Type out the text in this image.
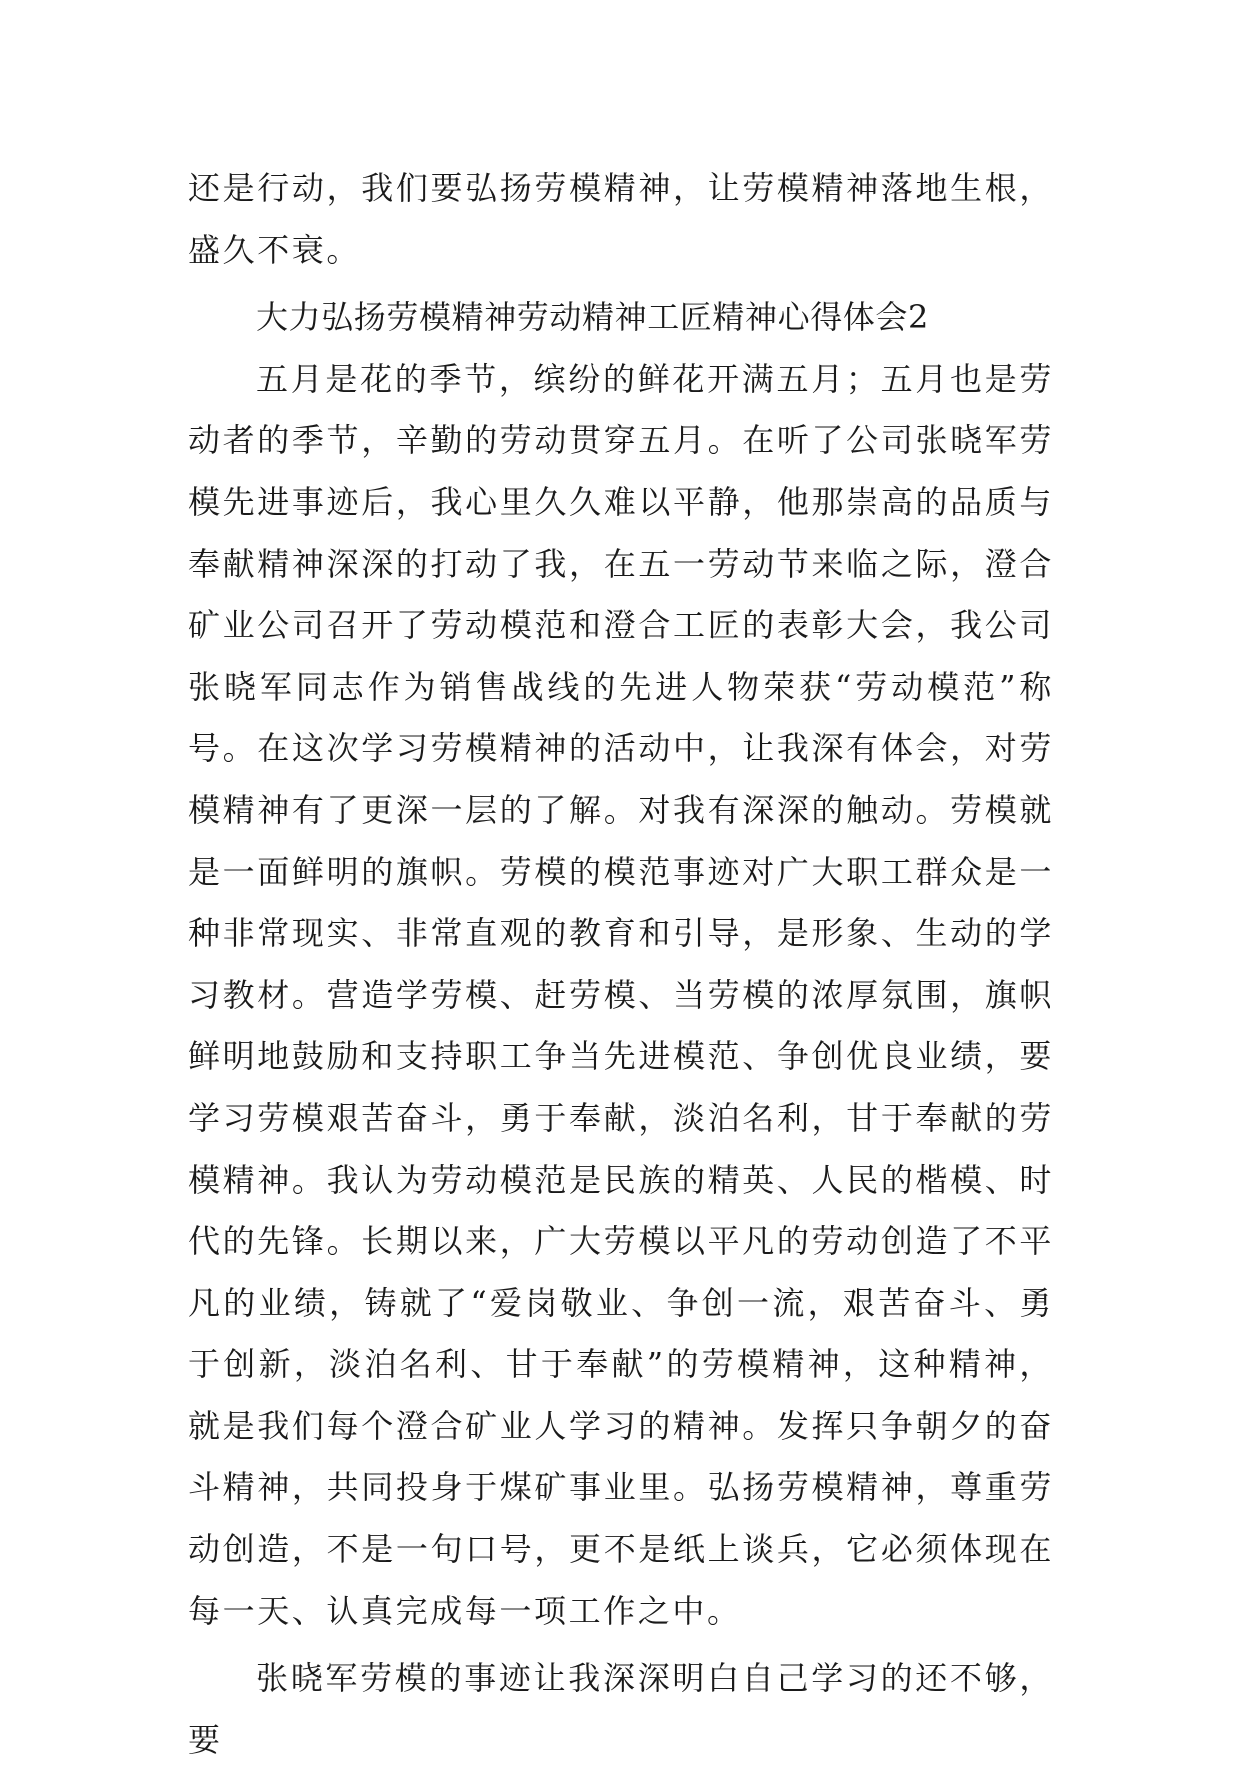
还是行动，我们要弘扬劳模精神，让劳模精神落地生根，盛久不衰。

大力弘扬劳模精神劳动精神工匠精神心得体会2

五月是花的季节，缤纷的鲜花开满五月；五月也是劳动者的季节，辛勤的劳动贯穿五月。在听了公司张晓军劳模先进事迹后，我心里久久难以平静，他那崇高的品质与奉献精神深深的打动了我，在五一劳动节来临之际，澄合矿业公司召开了劳动模范和澄合工匠的表彰大会，我公司张晓军同志作为销售战线的先进人物荣获“劳动模范”称号。在这次学习劳模精神的活动中，让我深有体会，对劳模精神有了更深一层的了解。对我有深深的触动。劳模就是一面鲜明的旗帜。劳模的模范事迹对广大职工群众是一种非常现实、非常直观的教育和引导，是形象、生动的学习教材。营造学劳模、赶劳模、当劳模的浓厚氛围，旗帜鲜明地鼓励和支持职工争当先进模范、争创优良业绩，要学习劳模艰苦奋斗，勇于奉献，淡泊名利，甘于奉献的劳模精神。我认为劳动模范是民族的精英、人民的楷模、时代的先锋。长期以来，广大劳模以平凡的劳动创造了不平凡的业绩，铸就了“爱岗敬业、争创一流，艰苦奋斗、勇于创新，淡泊名利、甘于奉献”的劳模精神，这种精神，就是我们每个澄合矿业人学习的精神。发挥只争朝夕的奋斗精神，共同投身于煤矿事业里。弘扬劳模精神，尊重劳动创造，不是一句口号，更不是纸上谈兵，它必须体现在每一天、认真完成每一项工作之中。

张晓军劳模的事迹让我深深明白自己学习的还不够，要
